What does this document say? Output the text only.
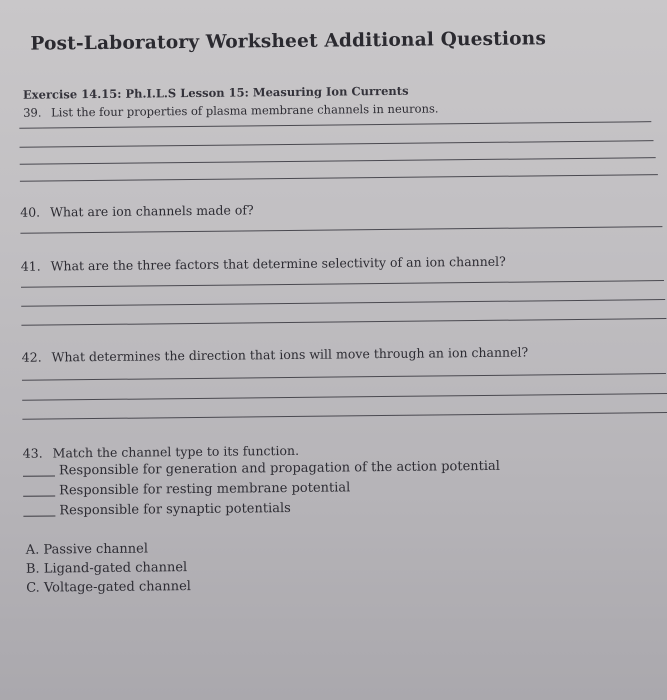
Post-Laboratory Worksheet Additional Questions
Exercise 14.15: Ph.I.L.S Lesson 15: Measuring Ion Currents
39. List the four properties of plasma membrane channels in neurons.
40. What are ion channels made of?
41. What are the three factors that determine selectivity of an ion channel?
42. What determines the direction that ions will move through an ion channel?
43. Match the channel type to its function.
Responsible for generation and propagation of the action potential
Responsible for resting membrane potential
Responsible for synaptic potentials
A. Passive channel
B. Ligand-gated channel
C. Voltage-gated channel
